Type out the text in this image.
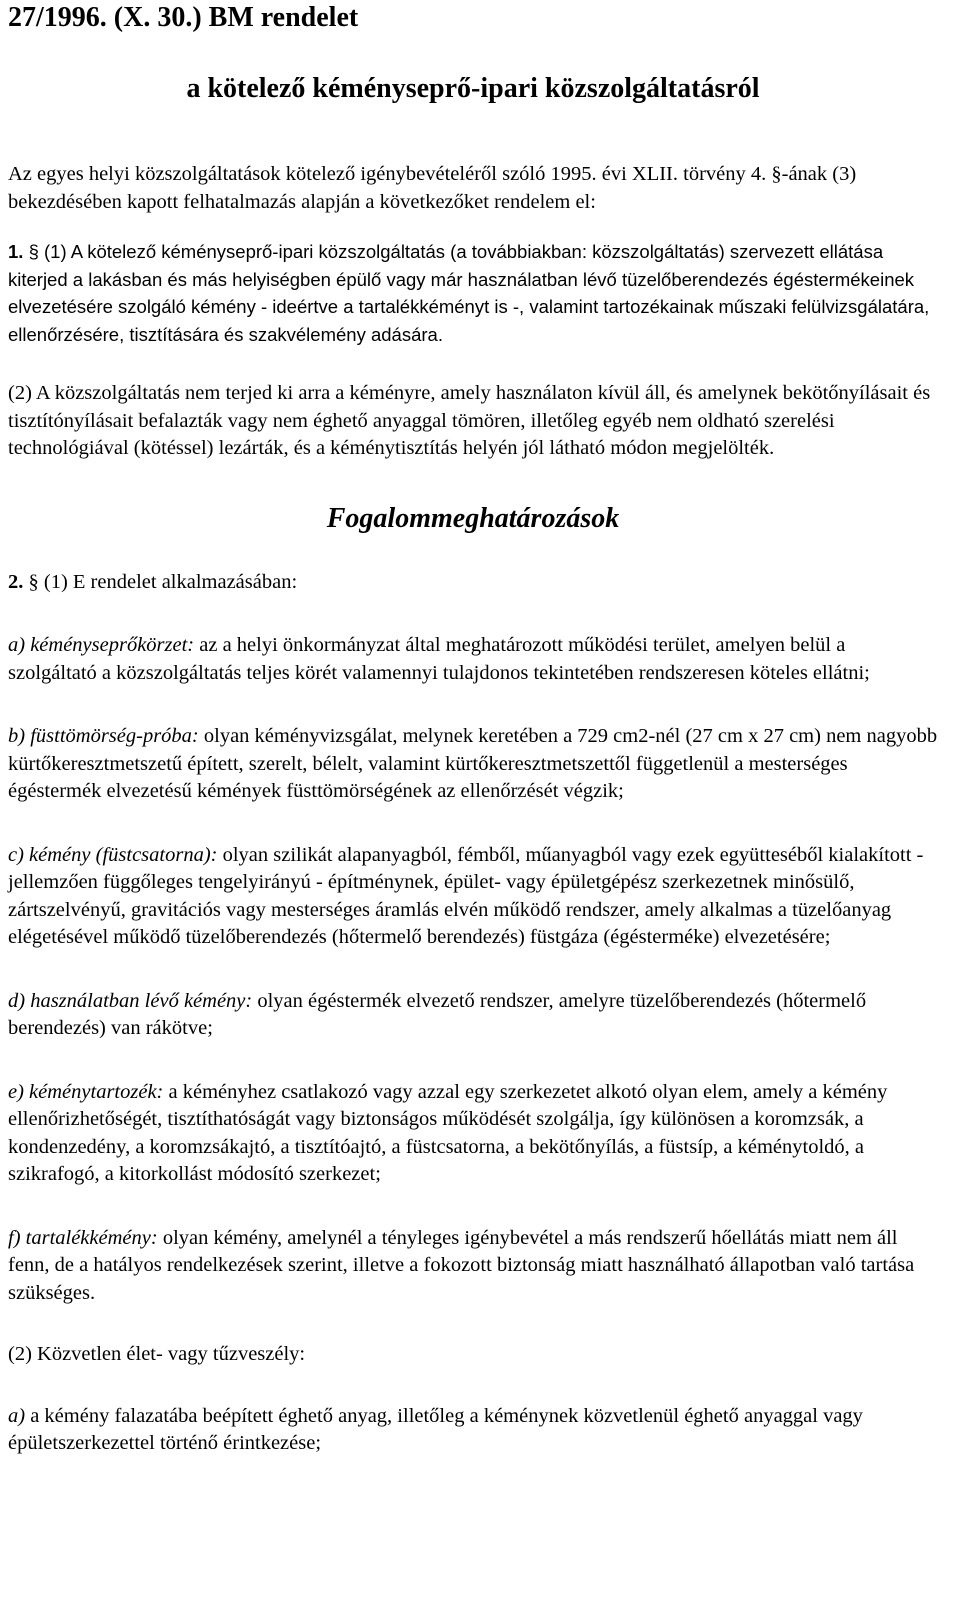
27/1996. (X. 30.) BM rendelet
a kötelező kéményseprő-ipari közszolgáltatásról

Az egyes helyi közszolgáltatások kötelező igénybevételéről szóló 1995. évi XLII. törvény 4. §-ának (3) bekezdésében kapott felhatalmazás alapján a következőket rendelem el:

1. § (1) A kötelező kéményseprő-ipari közszolgáltatás (a továbbiakban: közszolgáltatás) szervezett ellátása kiterjed a lakásban és más helyiségben épülő vagy már használatban lévő tüzelőberendezés égéstermékeinek elvezetésére szolgáló kémény - ideértve a tartalékkéményt is -, valamint tartozékainak műszaki felülvizsgálatára, ellenőrzésére, tisztítására és szakvélemény adására.

(2) A közszolgáltatás nem terjed ki arra a kéményre, amely használaton kívül áll, és amelynek bekötőnyílásait és tisztítónyílásait befalazták vagy nem éghető anyaggal tömören, illetőleg egyéb nem oldható szerelési technológiával (kötéssel) lezárták, és a kéménytisztítás helyén jól látható módon megjelölték.

Fogalommeghatározások

2. § (1) E rendelet alkalmazásában:

a) kéményseprőkörzet: az a helyi önkormányzat által meghatározott működési terület, amelyen belül a szolgáltató a közszolgáltatás teljes körét valamennyi tulajdonos tekintetében rendszeresen köteles ellátni;

b) füsttömörség-próba: olyan kéményvizsgálat, melynek keretében a 729 cm2-nél (27 cm x 27 cm) nem nagyobb kürtőkeresztmetszetű épített, szerelt, bélelt, valamint kürtőkeresztmetszettől függetlenül a mesterséges égéstermék elvezetésű kémények füsttömörségének az ellenőrzését végzik;

c) kémény (füstcsatorna): olyan szilikát alapanyagból, fémből, műanyagból vagy ezek együtteséből kialakított - jellemzően függőleges tengelyirányú - építménynek, épület- vagy épületgépész szerkezetnek minősülő, zártszelvényű, gravitációs vagy mesterséges áramlás elvén működő rendszer, amely alkalmas a tüzelőanyag elégetésével működő tüzelőberendezés (hőtermelő berendezés) füstgáza (égésterméke) elvezetésére;

d) használatban lévő kémény: olyan égéstermék elvezető rendszer, amelyre tüzelőberendezés (hőtermelő berendezés) van rákötve;

e) kéménytartozék: a kéményhez csatlakozó vagy azzal egy szerkezetet alkotó olyan elem, amely a kémény ellenőrizhetőségét, tisztíthatóságát vagy biztonságos működését szolgálja, így különösen a koromzsák, a kondenzedény, a koromzsákajtó, a tisztítóajtó, a füstcsatorna, a bekötőnyílás, a füstsíp, a kéménytoldó, a szikrafogó, a kitorkollást módosító szerkezet;

f) tartalékkémény: olyan kémény, amelynél a tényleges igénybevétel a más rendszerű hőellátás miatt nem áll fenn, de a hatályos rendelkezések szerint, illetve a fokozott biztonság miatt használható állapotban való tartása szükséges.

(2) Közvetlen élet- vagy tűzveszély:

a) a kémény falazatába beépített éghető anyag, illetőleg a kéménynek közvetlenül éghető anyaggal vagy épületszerkezettel történő érintkezése;
